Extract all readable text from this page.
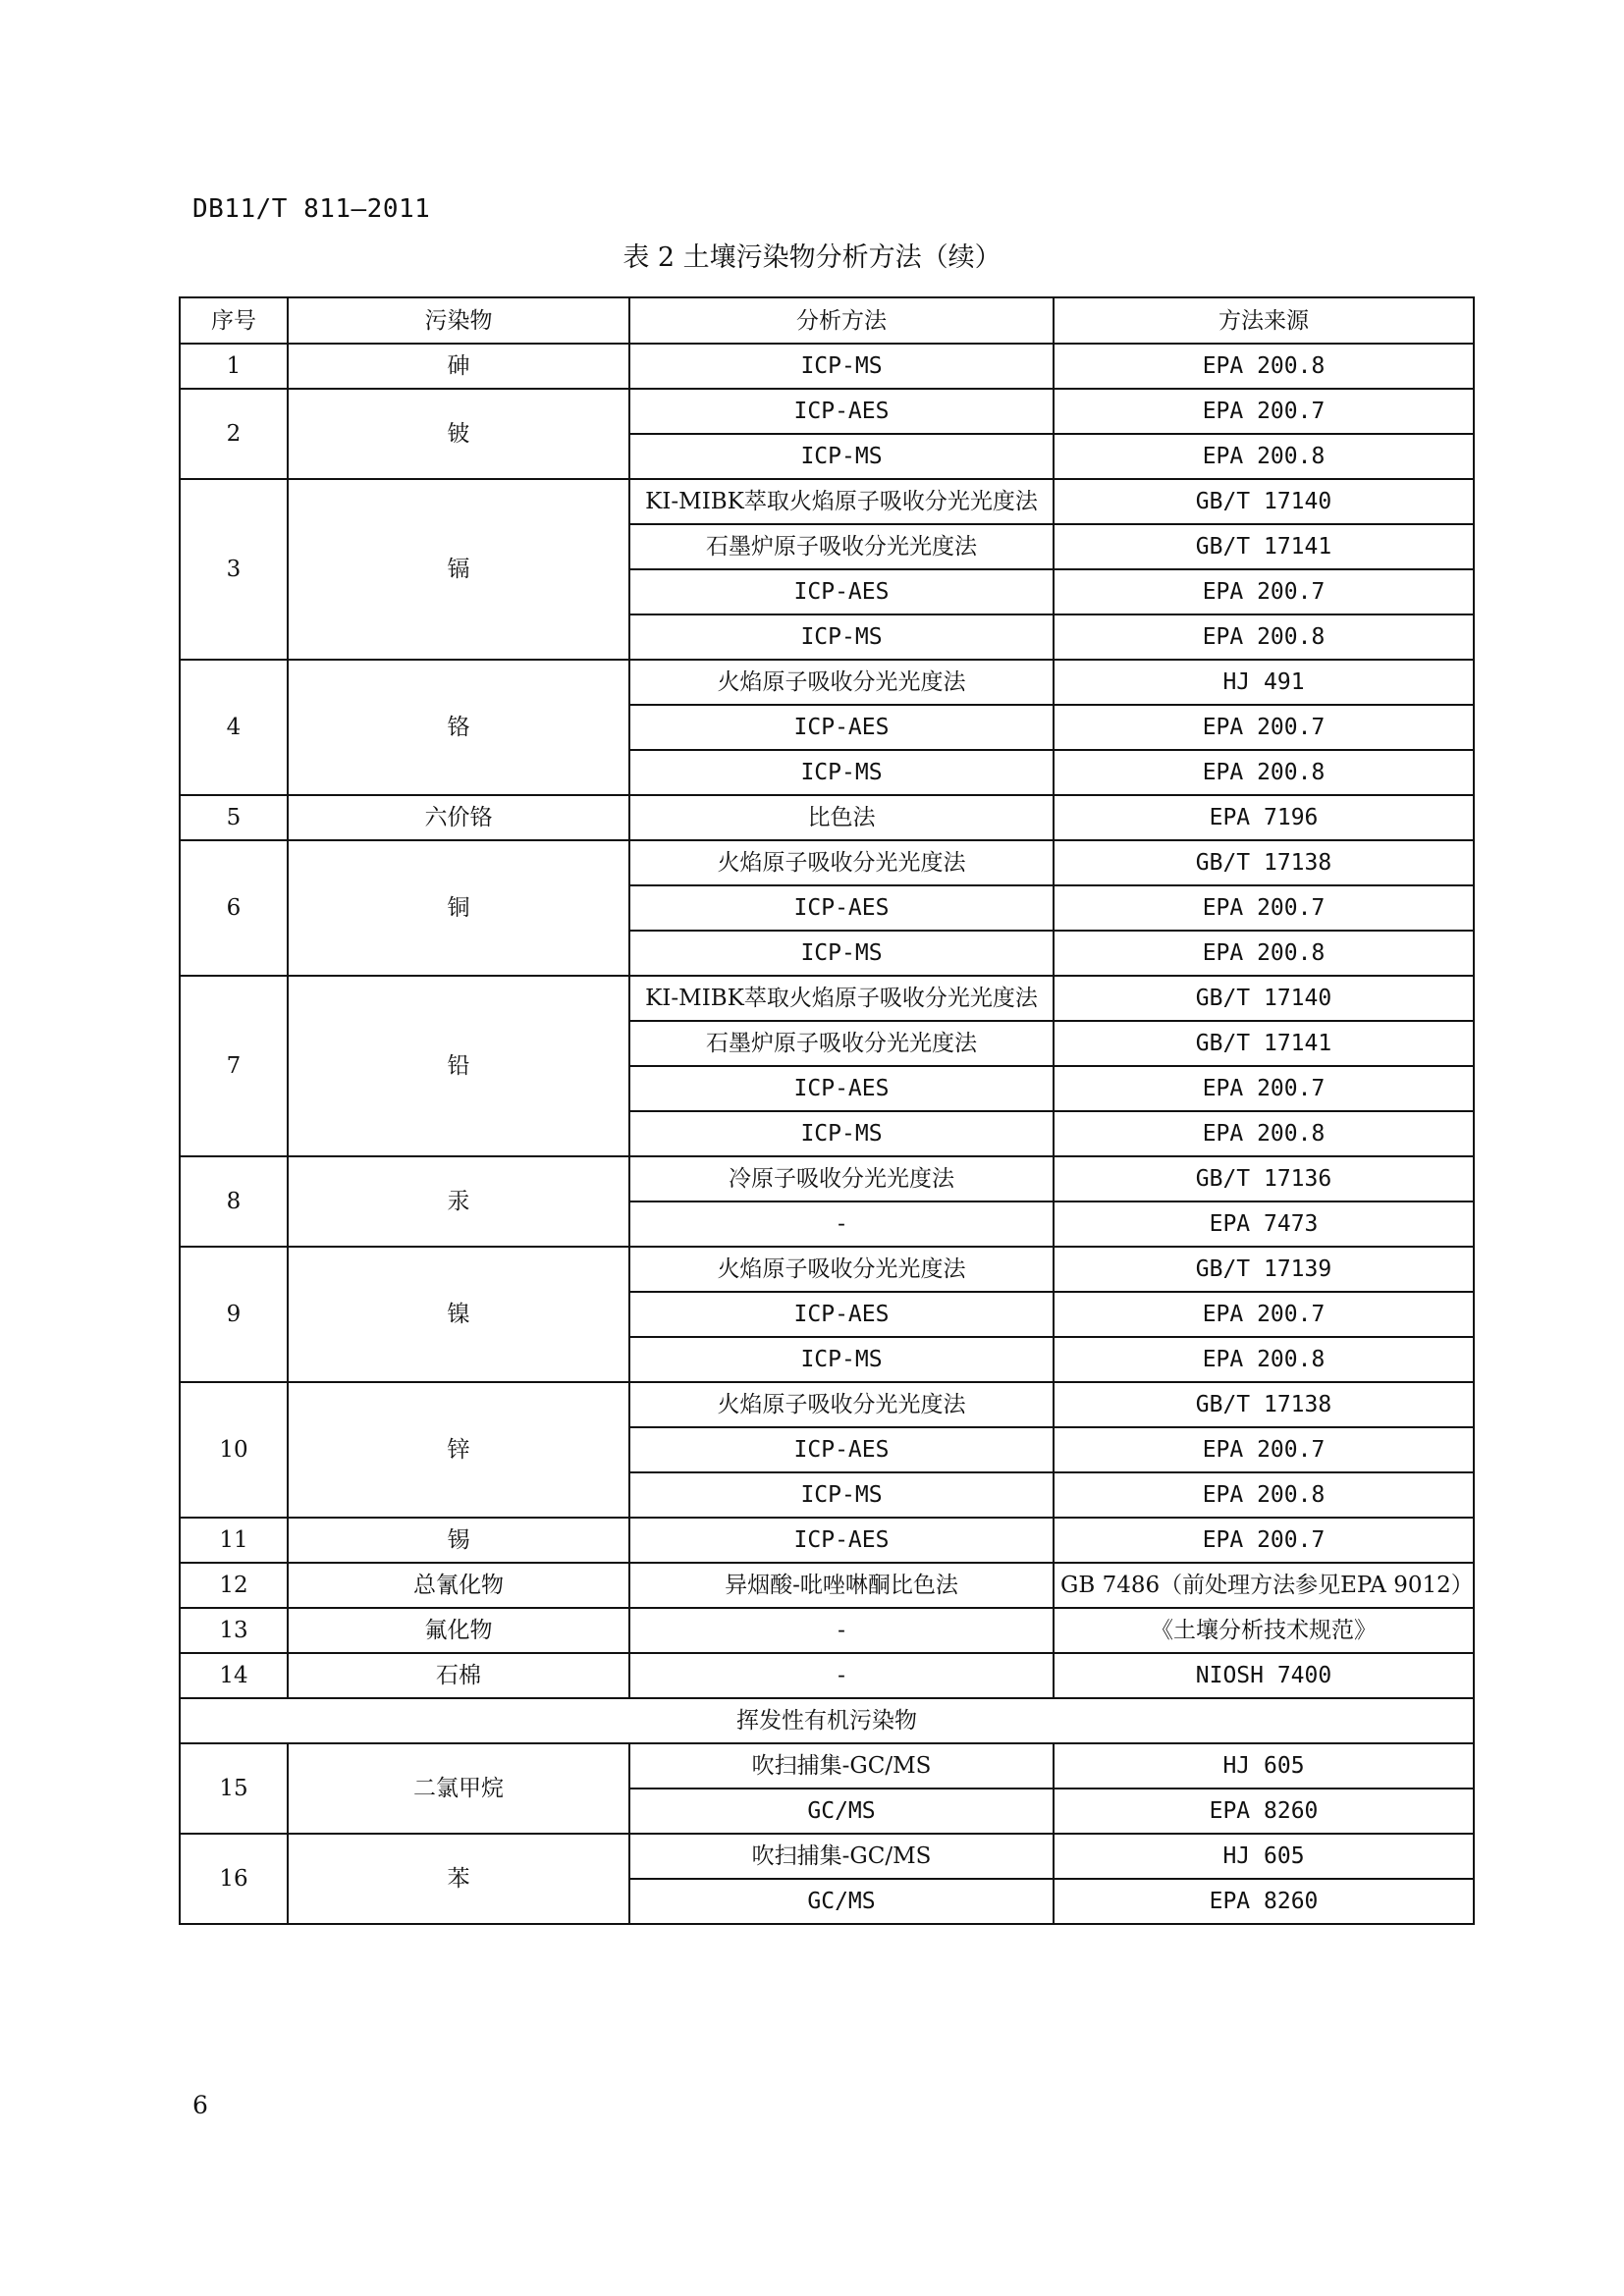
DB11/T 811—2011
表 2 土壤污染物分析方法（续）
序号	污染物	分析方法	方法来源
1	砷	ICP-MS	EPA 200.8
2	铍	ICP-AES	EPA 200.7
		ICP-MS	EPA 200.8
3	镉	KI-MIBK萃取火焰原子吸收分光光度法	GB/T 17140
		石墨炉原子吸收分光光度法	GB/T 17141
		ICP-AES	EPA 200.7
		ICP-MS	EPA 200.8
4	铬	火焰原子吸收分光光度法	HJ 491
		ICP-AES	EPA 200.7
		ICP-MS	EPA 200.8
5	六价铬	比色法	EPA 7196
6	铜	火焰原子吸收分光光度法	GB/T 17138
		ICP-AES	EPA 200.7
		ICP-MS	EPA 200.8
7	铅	KI-MIBK萃取火焰原子吸收分光光度法	GB/T 17140
		石墨炉原子吸收分光光度法	GB/T 17141
		ICP-AES	EPA 200.7
		ICP-MS	EPA 200.8
8	汞	冷原子吸收分光光度法	GB/T 17136
		-	EPA 7473
9	镍	火焰原子吸收分光光度法	GB/T 17139
		ICP-AES	EPA 200.7
		ICP-MS	EPA 200.8
10	锌	火焰原子吸收分光光度法	GB/T 17138
		ICP-AES	EPA 200.7
		ICP-MS	EPA 200.8
11	锡	ICP-AES	EPA 200.7
12	总氰化物	异烟酸-吡唑啉酮比色法	GB 7486（前处理方法参见EPA 9012）
13	氟化物	-	《土壤分析技术规范》
14	石棉	-	NIOSH 7400
挥发性有机污染物			
15	二氯甲烷	吹扫捕集-GC/MS	HJ 605
		GC/MS	EPA 8260
16	苯	吹扫捕集-GC/MS	HJ 605
		GC/MS	EPA 8260
6
